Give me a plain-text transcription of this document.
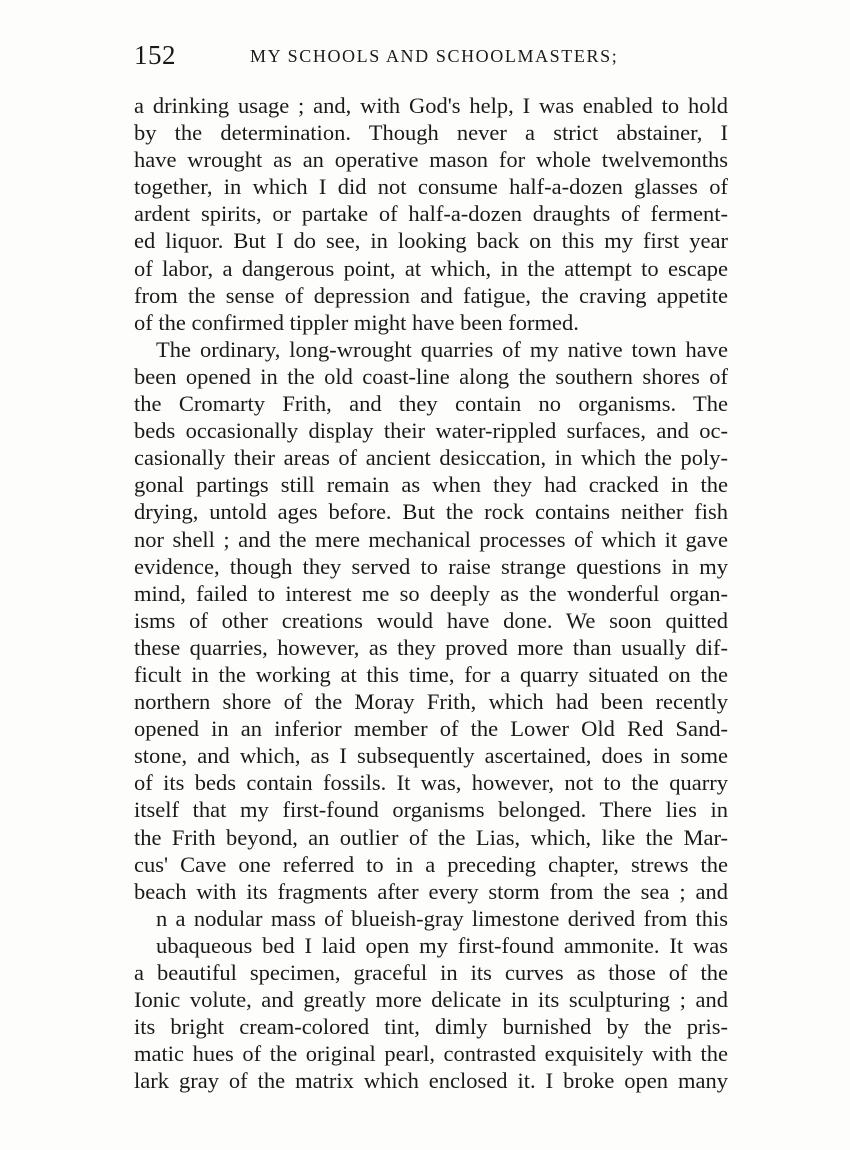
152	MY SCHOOLS AND SCHOOLMASTERS;
a drinking usage ; and, with God's help, I was enabled to hold
by the determination. Though never a strict abstainer, I
have wrought as an operative mason for whole twelvemonths
together, in which I did not consume half-a-dozen glasses of
ardent spirits, or partake of half-a-dozen draughts of ferment-
ed liquor. But I do see, in looking back on this my first year
of labor, a dangerous point, at which, in the attempt to escape
from the sense of depression and fatigue, the craving appetite
of the confirmed tippler might have been formed.
The ordinary, long-wrought quarries of my native town have
been opened in the old coast-line along the southern shores of
the Cromarty Frith, and they contain no organisms. The
beds occasionally display their water-rippled surfaces, and oc-
casionally their areas of ancient desiccation, in which the poly-
gonal partings still remain as when they had cracked in the
drying, untold ages before. But the rock contains neither fish
nor shell ; and the mere mechanical processes of which it gave
evidence, though they served to raise strange questions in my
mind, failed to interest me so deeply as the wonderful organ-
isms of other creations would have done. We soon quitted
these quarries, however, as they proved more than usually dif-
ficult in the working at this time, for a quarry situated on the
northern shore of the Moray Frith, which had been recently
opened in an inferior member of the Lower Old Red Sand-
stone, and which, as I subsequently ascertained, does in some
of its beds contain fossils. It was, however, not to the quarry
itself that my first-found organisms belonged. There lies in
the Frith beyond, an outlier of the Lias, which, like the Mar-
cus' Cave one referred to in a preceding chapter, strews the
beach with its fragments after every storm from the sea ; and
n a nodular mass of blueish-gray limestone derived from this
ubaqueous bed I laid open my first-found ammonite. It was
a beautiful specimen, graceful in its curves as those of the
Ionic volute, and greatly more delicate in its sculpturing ; and
its bright cream-colored tint, dimly burnished by the pris-
matic hues of the original pearl, contrasted exquisitely with the
lark gray of the matrix which enclosed it. I broke open many
